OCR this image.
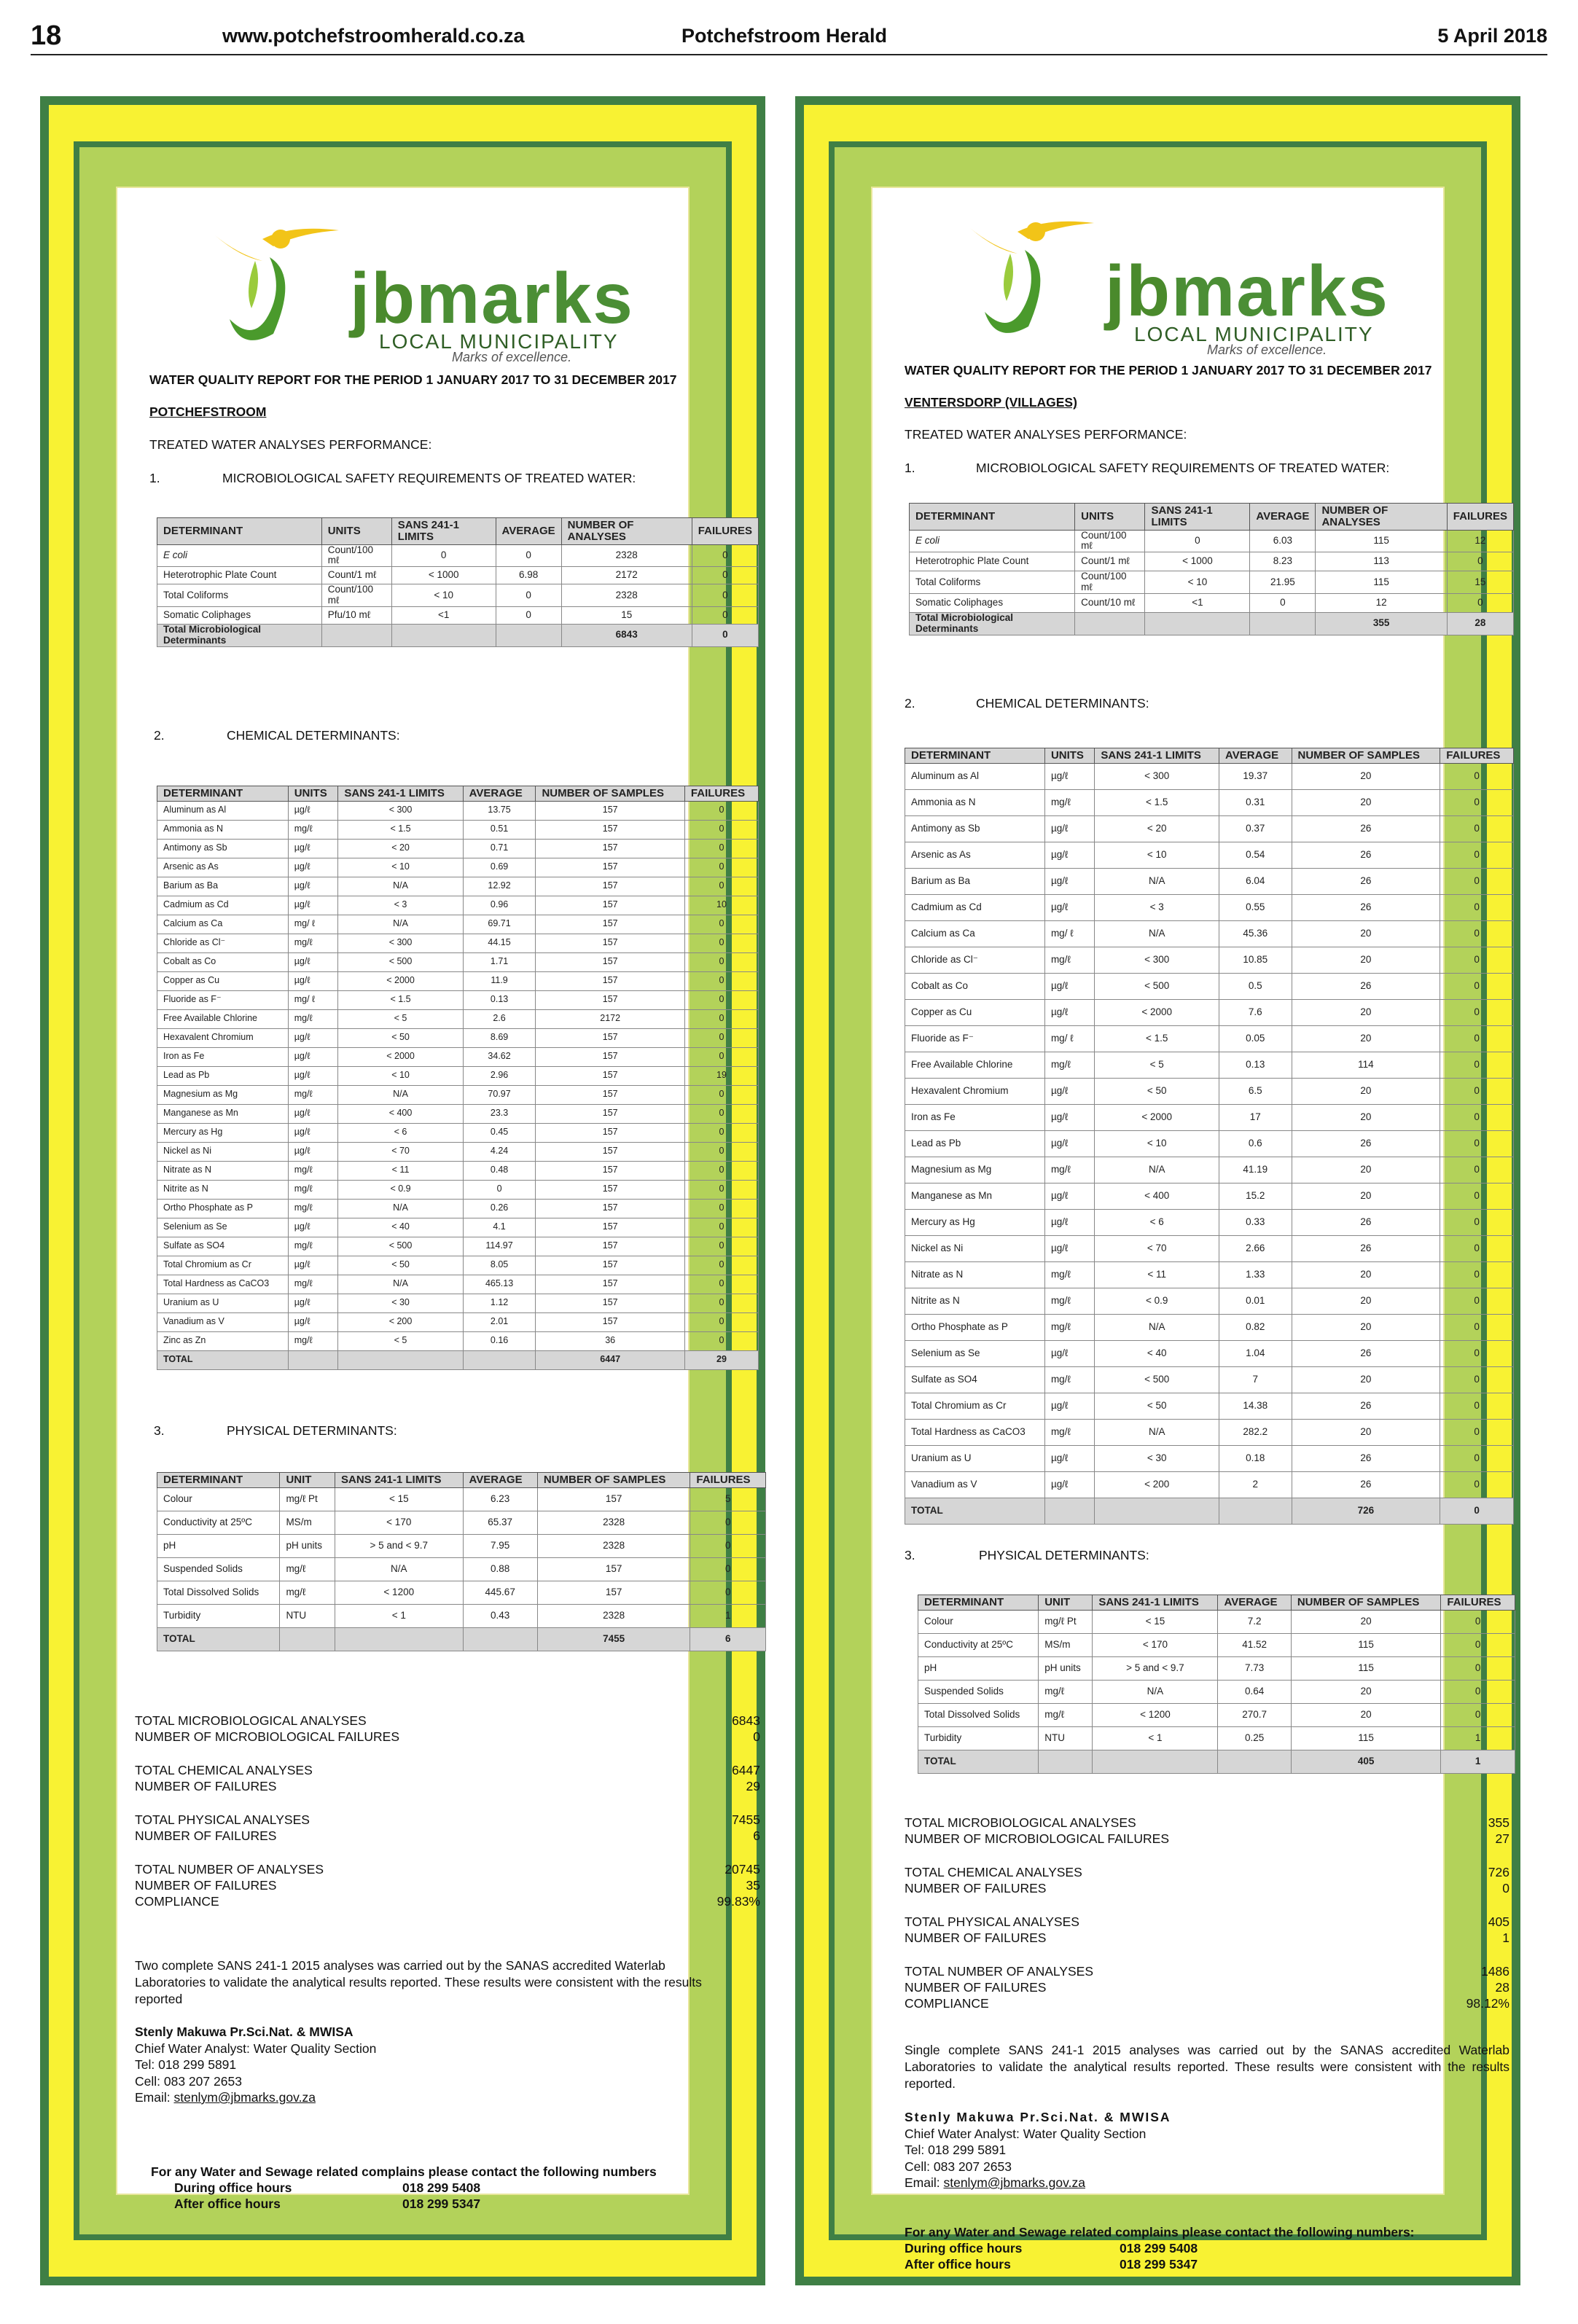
18	www.potchefstroomherald.co.za	Potchefstroom Herald	5 April 2018
jbmarks
LOCAL MUNICIPALITY
Marks of excellence.
WATER QUALITY REPORT FOR THE PERIOD 1 JANUARY 2017 TO 31 DECEMBER 2017
POTCHEFSTROOM
TREATED WATER ANALYSES PERFORMANCE:
1.	MICROBIOLOGICAL SAFETY REQUIREMENTS OF TREATED WATER:
DETERMINANT	UNITS	SANS 241-1 LIMITS	AVERAGE	NUMBER OF ANALYSES	FAILURES
E coli	Count/100 mℓ	0	0	2328	0
Heterotrophic Plate Count	Count/1 mℓ	< 1000	6.98	2172	0
Total Coliforms	Count/100 mℓ	< 10	0	2328	0
Somatic Coliphages	Pfu/10 mℓ	<1	0	15	0
Total Microbiological Determinants				6843	0
2.	CHEMICAL DETERMINANTS:
DETERMINANT	UNITS	SANS 241-1 LIMITS	AVERAGE	NUMBER OF SAMPLES	FAILURES
Aluminum as Al	µg/ℓ	< 300	13.75	157	0
Ammonia as N	mg/ℓ	< 1.5	0.51	157	0
Antimony as Sb	µg/ℓ	< 20	0.71	157	0
Arsenic as As	µg/ℓ	< 10	0.69	157	0
Barium as Ba	µg/ℓ	N/A	12.92	157	0
Cadmium as Cd	µg/ℓ	< 3	0.96	157	10
Calcium as Ca	mg/ ℓ	N/A	69.71	157	0
Chloride as Cl⁻	mg/ℓ	< 300	44.15	157	0
Cobalt as Co	µg/ℓ	< 500	1.71	157	0
Copper as Cu	µg/ℓ	< 2000	11.9	157	0
Fluoride as F⁻	mg/ ℓ	< 1.5	0.13	157	0
Free Available Chlorine	mg/ℓ	< 5	2.6	2172	0
Hexavalent Chromium	µg/ℓ	< 50	8.69	157	0
Iron as Fe	µg/ℓ	< 2000	34.62	157	0
Lead as Pb	µg/ℓ	< 10	2.96	157	19
Magnesium as Mg	mg/ℓ	N/A	70.97	157	0
Manganese as Mn	µg/ℓ	< 400	23.3	157	0
Mercury as Hg	µg/ℓ	< 6	0.45	157	0
Nickel as Ni	µg/ℓ	< 70	4.24	157	0
Nitrate as N	mg/ℓ	< 11	0.48	157	0
Nitrite as N	mg/ℓ	< 0.9	0	157	0
Ortho Phosphate as P	mg/ℓ	N/A	0.26	157	0
Selenium as Se	µg/ℓ	< 40	4.1	157	0
Sulfate as SO4	mg/ℓ	< 500	114.97	157	0
Total Chromium as Cr	µg/ℓ	< 50	8.05	157	0
Total Hardness as CaCO3	mg/ℓ	N/A	465.13	157	0
Uranium as U	µg/ℓ	< 30	1.12	157	0
Vanadium as V	µg/ℓ	< 200	2.01	157	0
Zinc as Zn	mg/ℓ	< 5	0.16	36	0
TOTAL				6447	29
3.	PHYSICAL DETERMINANTS:
DETERMINANT	UNIT	SANS 241-1 LIMITS	AVERAGE	NUMBER OF SAMPLES	FAILURES
Colour	mg/ℓ Pt	< 15	6.23	157	5
Conductivity at 25ºC	MS/m	< 170	65.37	2328	0
pH	pH units	> 5 and < 9.7	7.95	2328	0
Suspended Solids	mg/ℓ	N/A	0.88	157	0
Total Dissolved Solids	mg/ℓ	< 1200	445.67	157	0
Turbidity	NTU	< 1	0.43	2328	1
TOTAL				7455	6
TOTAL MICROBIOLOGICAL ANALYSES	6843
NUMBER OF MICROBIOLOGICAL FAILURES	0
TOTAL CHEMICAL ANALYSES	6447
NUMBER OF FAILURES	29
TOTAL PHYSICAL ANALYSES	7455
NUMBER OF FAILURES	6
TOTAL NUMBER OF ANALYSES	20745
NUMBER OF FAILURES	35
COMPLIANCE	99.83%
Two complete SANS 241-1 2015 analyses was carried out by the SANAS accredited Waterlab Laboratories to validate the analytical results reported. These results were consistent with the results reported
Stenly Makuwa Pr.Sci.Nat. & MWISA
Chief Water Analyst: Water Quality Section
Tel: 018 299 5891
Cell: 083 207 2653
Email: stenlym@jbmarks.gov.za
For any Water and Sewage related complains please contact the following numbers
During office hours	018 299 5408
After office hours	018 299 5347
jbmarks
LOCAL MUNICIPALITY
Marks of excellence.
WATER QUALITY REPORT FOR THE PERIOD 1 JANUARY 2017 TO 31 DECEMBER 2017
VENTERSDORP (VILLAGES)
TREATED WATER ANALYSES PERFORMANCE:
1.	MICROBIOLOGICAL SAFETY REQUIREMENTS OF TREATED WATER:
DETERMINANT	UNITS	SANS 241-1 LIMITS	AVERAGE	NUMBER OF ANALYSES	FAILURES
E coli	Count/100 mℓ	0	6.03	115	12
Heterotrophic Plate Count	Count/1 mℓ	< 1000	8.23	113	0
Total Coliforms	Count/100 mℓ	< 10	21.95	115	15
Somatic Coliphages	Count/10 mℓ	<1	0	12	0
Total Microbiological Determinants				355	28
2.	CHEMICAL DETERMINANTS:
DETERMINANT	UNITS	SANS 241-1 LIMITS	AVERAGE	NUMBER OF SAMPLES	FAILURES
Aluminum as Al	µg/ℓ	< 300	19.37	20	0
Ammonia as N	mg/ℓ	< 1.5	0.31	20	0
Antimony as Sb	µg/ℓ	< 20	0.37	26	0
Arsenic as As	µg/ℓ	< 10	0.54	26	0
Barium as Ba	µg/ℓ	N/A	6.04	26	0
Cadmium as Cd	µg/ℓ	< 3	0.55	26	0
Calcium as Ca	mg/ ℓ	N/A	45.36	20	0
Chloride as Cl⁻	mg/ℓ	< 300	10.85	20	0
Cobalt as Co	µg/ℓ	< 500	0.5	26	0
Copper as Cu	µg/ℓ	< 2000	7.6	20	0
Fluoride as F⁻	mg/ ℓ	< 1.5	0.05	20	0
Free Available Chlorine	mg/ℓ	< 5	0.13	114	0
Hexavalent Chromium	µg/ℓ	< 50	6.5	20	0
Iron as Fe	µg/ℓ	< 2000	17	20	0
Lead as Pb	µg/ℓ	< 10	0.6	26	0
Magnesium as Mg	mg/ℓ	N/A	41.19	20	0
Manganese as Mn	µg/ℓ	< 400	15.2	20	0
Mercury as Hg	µg/ℓ	< 6	0.33	26	0
Nickel as Ni	µg/ℓ	< 70	2.66	26	0
Nitrate as N	mg/ℓ	< 11	1.33	20	0
Nitrite as N	mg/ℓ	< 0.9	0.01	20	0
Ortho Phosphate as P	mg/ℓ	N/A	0.82	20	0
Selenium as Se	µg/ℓ	< 40	1.04	26	0
Sulfate as SO4	mg/ℓ	< 500	7	20	0
Total Chromium as Cr	µg/ℓ	< 50	14.38	26	0
Total Hardness as CaCO3	mg/ℓ	N/A	282.2	20	0
Uranium as U	µg/ℓ	< 30	0.18	26	0
Vanadium as V	µg/ℓ	< 200	2	26	0
TOTAL				726	0
3.	PHYSICAL DETERMINANTS:
DETERMINANT	UNIT	SANS 241-1 LIMITS	AVERAGE	NUMBER OF SAMPLES	FAILURES
Colour	mg/ℓ Pt	< 15	7.2	20	0
Conductivity at 25ºC	MS/m	< 170	41.52	115	0
pH	pH units	> 5 and < 9.7	7.73	115	0
Suspended Solids	mg/ℓ	N/A	0.64	20	0
Total Dissolved Solids	mg/ℓ	< 1200	270.7	20	0
Turbidity	NTU	< 1	0.25	115	1
TOTAL				405	1
TOTAL MICROBIOLOGICAL ANALYSES	355
NUMBER OF MICROBIOLOGICAL FAILURES	27
TOTAL CHEMICAL ANALYSES	726
NUMBER OF FAILURES	0
TOTAL PHYSICAL ANALYSES	405
NUMBER OF FAILURES	1
TOTAL NUMBER OF ANALYSES	1486
NUMBER OF FAILURES	28
COMPLIANCE	98.12%
Single complete SANS 241-1 2015 analyses was carried out by the SANAS accredited Waterlab Laboratories to validate the analytical results reported. These results were consistent with the results reported.
Stenly Makuwa Pr.Sci.Nat. & MWISA
Chief Water Analyst: Water Quality Section
Tel: 018 299 5891
Cell: 083 207 2653
Email: stenlym@jbmarks.gov.za
For any Water and Sewage related complains please contact the following numbers:
During office hours	018 299 5408
After office hours	018 299 5347
